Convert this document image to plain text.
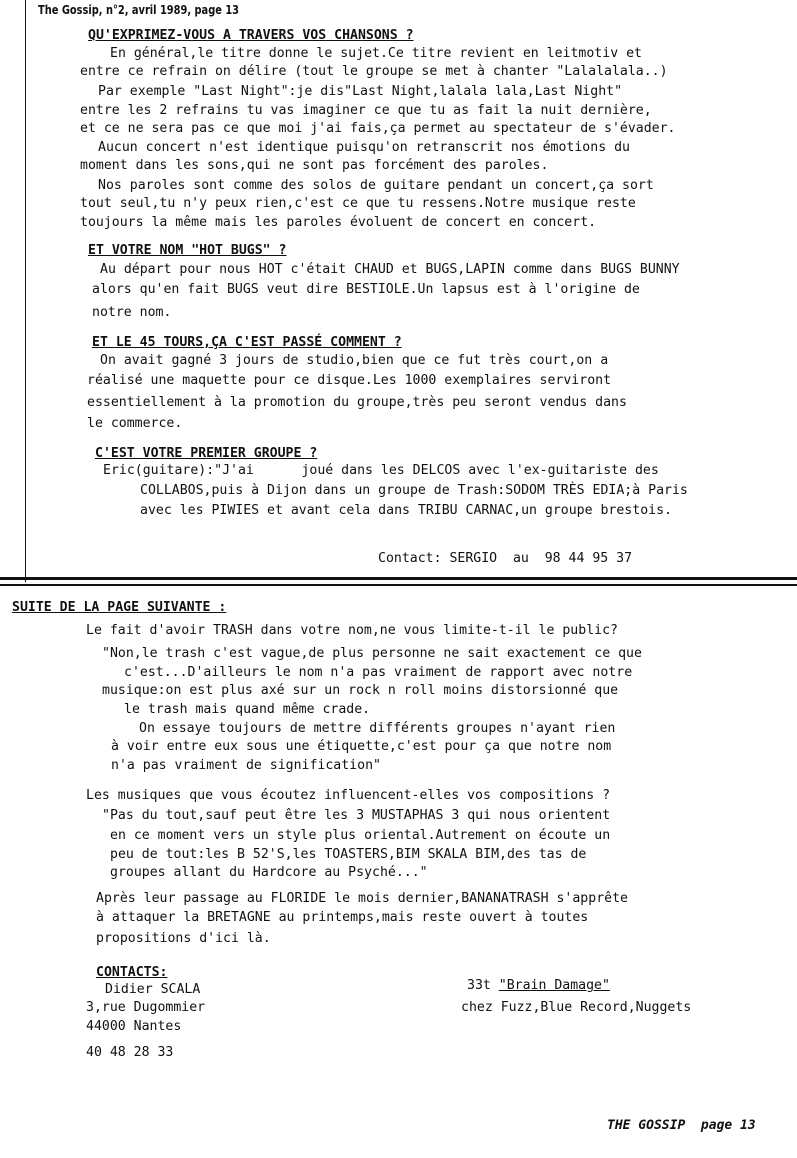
The Gossip, n°2, avril 1989, page 13
QU'EXPRIMEZ-VOUS A TRAVERS VOS CHANSONS ?
En général,le titre donne le sujet.Ce titre revient en leitmotiv et
entre ce refrain on délire (tout le groupe se met à chanter "Lalalalala..)
Par exemple "Last Night":je dis"Last Night,lalala lala,Last Night"
entre les 2 refrains tu vas imaginer ce que tu as fait la nuit dernière,
et ce ne sera pas ce que moi j'ai fais,ça permet au spectateur de s'évader.
Aucun concert n'est identique puisqu'on retranscrit nos émotions du
moment dans les sons,qui ne sont pas forcément des paroles.
Nos paroles sont comme des solos de guitare pendant un concert,ça sort
tout seul,tu n'y peux rien,c'est ce que tu ressens.Notre musique reste
toujours la même mais les paroles évoluent de concert en concert.
ET VOTRE NOM "HOT BUGS" ?
Au départ pour nous HOT c'était CHAUD et BUGS,LAPIN comme dans BUGS BUNNY
alors qu'en fait BUGS veut dire BESTIOLE.Un lapsus est à l'origine de
notre nom.
ET LE 45 TOURS,ÇA C'EST PASSÉ COMMENT ?
On avait gagné 3 jours de studio,bien que ce fut très court,on a
réalisé une maquette pour ce disque.Les 1000 exemplaires serviront
essentiellement à la promotion du groupe,très peu seront vendus dans
le commerce.
C'EST VOTRE PREMIER GROUPE ?
Eric(guitare):"J'ai      joué dans les DELCOS avec l'ex-guitariste des
COLLABOS,puis à Dijon dans un groupe de Trash:SODOM TRÈS EDIA;à Paris
avec les PIWIES et avant cela dans TRIBU CARNAC,un groupe brestois.
Contact: SERGIO  au  98 44 95 37
SUITE DE LA PAGE SUIVANTE :
Le fait d'avoir TRASH dans votre nom,ne vous limite-t-il le public?
"Non,le trash c'est vague,de plus personne ne sait exactement ce que
c'est...D'ailleurs le nom n'a pas vraiment de rapport avec notre
musique:on est plus axé sur un rock n roll moins distorsionné que
le trash mais quand même crade.
On essaye toujours de mettre différents groupes n'ayant rien
à voir entre eux sous une étiquette,c'est pour ça que notre nom
n'a pas vraiment de signification"
Les musiques que vous écoutez influencent-elles vos compositions ?
"Pas du tout,sauf peut être les 3 MUSTAPHAS 3 qui nous orientent
en ce moment vers un style plus oriental.Autrement on écoute un
peu de tout:les B 52'S,les TOASTERS,BIM SKALA BIM,des tas de
groupes allant du Hardcore au Psyché..."
Après leur passage au FLORIDE le mois dernier,BANANATRASH s'apprête
à attaquer la BRETAGNE au printemps,mais reste ouvert à toutes
propositions d'ici là.
CONTACTS:
Didier SCALA
3,rue Dugommier
44000 Nantes
40 48 28 33
33t "Brain Damage"
chez Fuzz,Blue Record,Nuggets
THE GOSSIP  page 13
